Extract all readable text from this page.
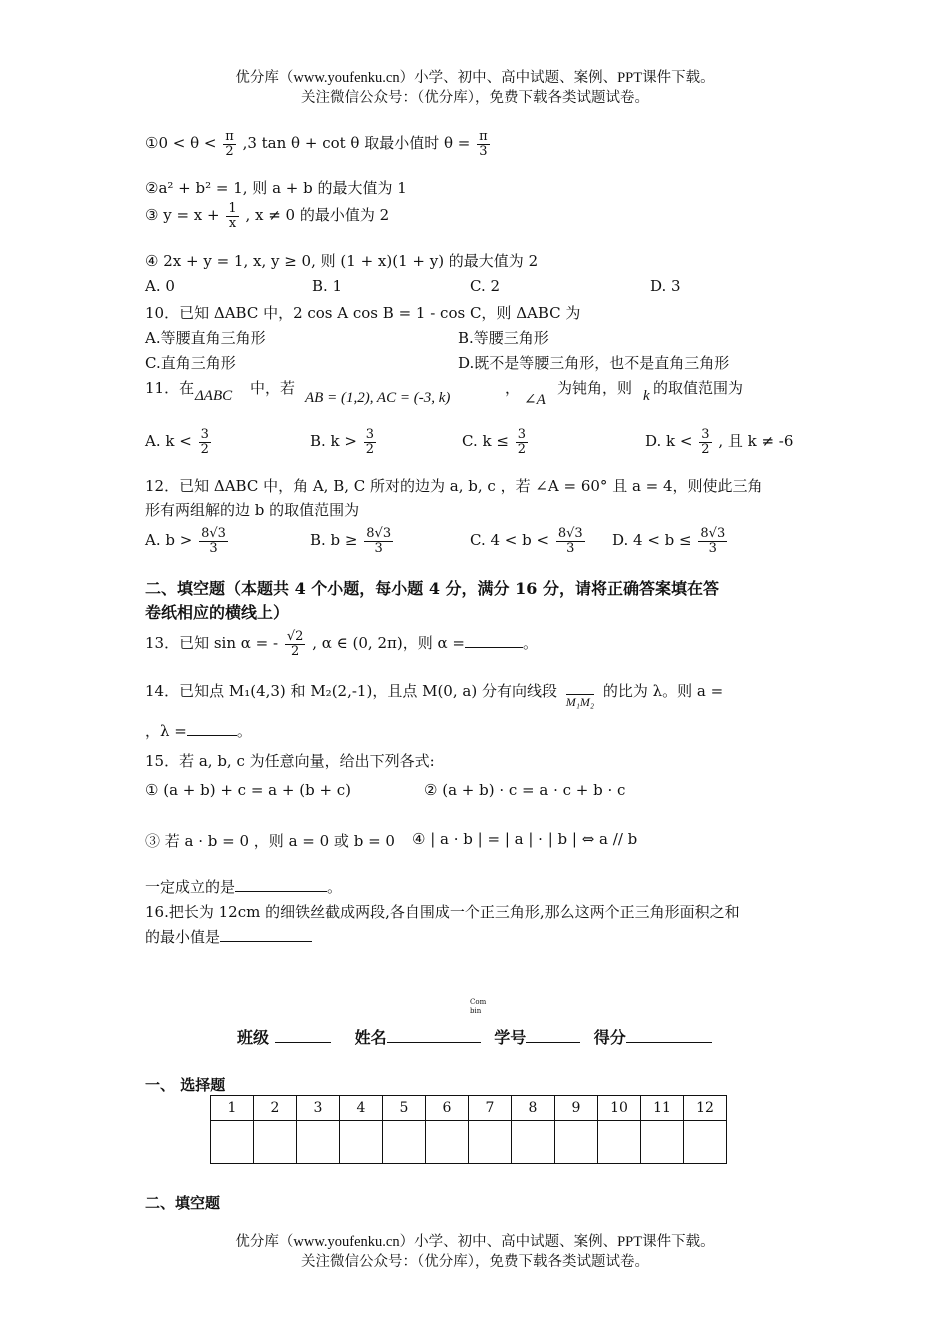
优分库（www.youfenku.cn）小学、初中、高中试题、案例、PPT课件下载。
关注微信公众号：（优分库），免费下载各类试题试卷。
①0 < $\theta < \frac{\pi}{2} ,3$ tan θ + cot θ 取最小值时 $\theta = \frac{\pi}{3}$
②a² + b² = 1, 则 a + b 的最大值为 1
③ $y = x + \frac{1}{x}$ , x ≠ 0 的最小值为 2
④ 2x + y = 1, x, y ≥ 0, 则 (1 + x)(1 + y) 的最大值为 2
A. 0	B. 1	C. 2	D. 3
10．已知 ΔABC 中，2 cos A cos B = 1 - cos C，则 ΔABC 为
A.等腰直角三角形	B.等腰三角形
C.直角三角形	D.既不是等腰三角形，也不是直角三角形
11．在 ΔABC 中，若
AB = (1,2), AC = (-3, k)
，
∠A
为钝角，则 k 的取值范围为
A. $k < \frac{3}{2}$	B. $k > \frac{3}{2}$	C. $k \le \frac{3}{2}$	D. $k < \frac{3}{2}$ , 且 k ≠ -6
12．已知 ΔABC 中，角 A, B, C 所对的边为 a, b, c ，若 ∠A = 60° 且 a = 4，则使此三角
形有两组解的边 b 的取值范围为
A. $b > \frac{8√3}{3}$	B. $b \ge \frac{8√3}{3}$	C. $4 < b < \frac{8√3}{3} D$. $4 < b \le \frac{8√3}{3}$
二、填空题（本题共 4 个小题，每小题 4 分，满分 16 分，请将正确答案填在答
卷纸相应的横线上）
13．已知 sin α = - $\frac{√2}{2}$ , α ∈ (0, 2π)，则 α =	。
14．已知点 M₁(4,3) 和 M₂(2,-1)，且点 M(0, a) 分有向线段 M₁M₂ 的比为 λ。则 a =
，λ =	。
15．若 a, b, c 为任意向量，给出下列各式:
① (a + b) + c = a + (b + c)	② (a + b) · c = a · c + b · c
③ 若 a · b = 0 ，则 a = 0 或 b = 0 ④ | a · b | = | a | · | b | ⇔ a // b
一定成立的是	。
16.把长为 12cm 的细铁丝截成两段,各自围成一个正三角形,那么这两个正三角形面积之和
的最小值是
Com
bin
班级	姓名	学号	得分
一、 选择题
1	2	3	4	5	6	7	8	9	10	11	12

二、填空题
优分库（www.youfenku.cn）小学、初中、高中试题、案例、PPT课件下载。
关注微信公众号：（优分库），免费下载各类试题试卷。
